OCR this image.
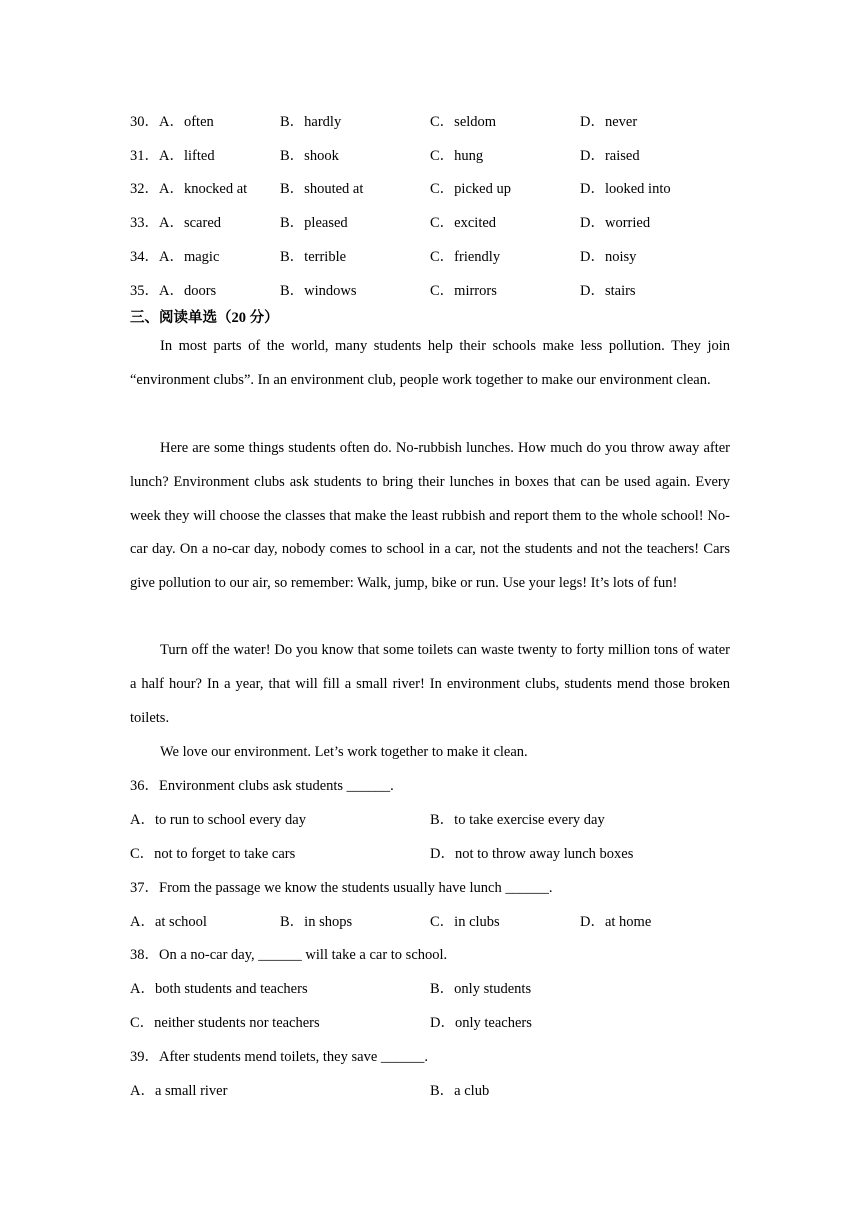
30．A．often	B．hardly	C．seldom	D．never
31．A．lifted	B．shook	C．hung	D．raised
32．A．knocked at B．shouted at	C．picked up	D．looked into
33．A．scared	B．pleased	C．excited	D．worried
34．A．magic	B．terrible	C．friendly	D．noisy
35．A．doors	B．windows	C．mirrors	D．stairs
三、阅读单选（20 分）
In most parts of the world, many students help their schools make less pollution. They join “environment clubs”. In an environment club, people work together to make our environment clean.
Here are some things students often do. No-rubbish lunches. How much do you throw away after lunch? Environment clubs ask students to bring their lunches in boxes that can be used again. Every week they will choose the classes that make the least rubbish and report them to the whole school! No-car day. On a no-car day, nobody comes to school in a car, not the students and not the teachers! Cars give pollution to our air, so remember: Walk, jump, bike or run. Use your legs! It’s lots of fun!
Turn off the water! Do you know that some toilets can waste twenty to forty million tons of water a half hour? In a year, that will fill a small river! In environment clubs, students mend those broken toilets.
We love our environment. Let’s work together to make it clean.
36．Environment clubs ask students ______.
A．to run to school every day	B．to take exercise every day
C．not to forget to take cars	D．not to throw away lunch boxes
37．From the passage we know the students usually have lunch ______.
A．at school	B．in shops	C．in clubs	D．at home
38．On a no-car day, ______ will take a car to school.
A．both students and teachers	B．only students
C．neither students nor teachers	D．only teachers
39．After students mend toilets, they save ______.
A．a small river	B．a club
